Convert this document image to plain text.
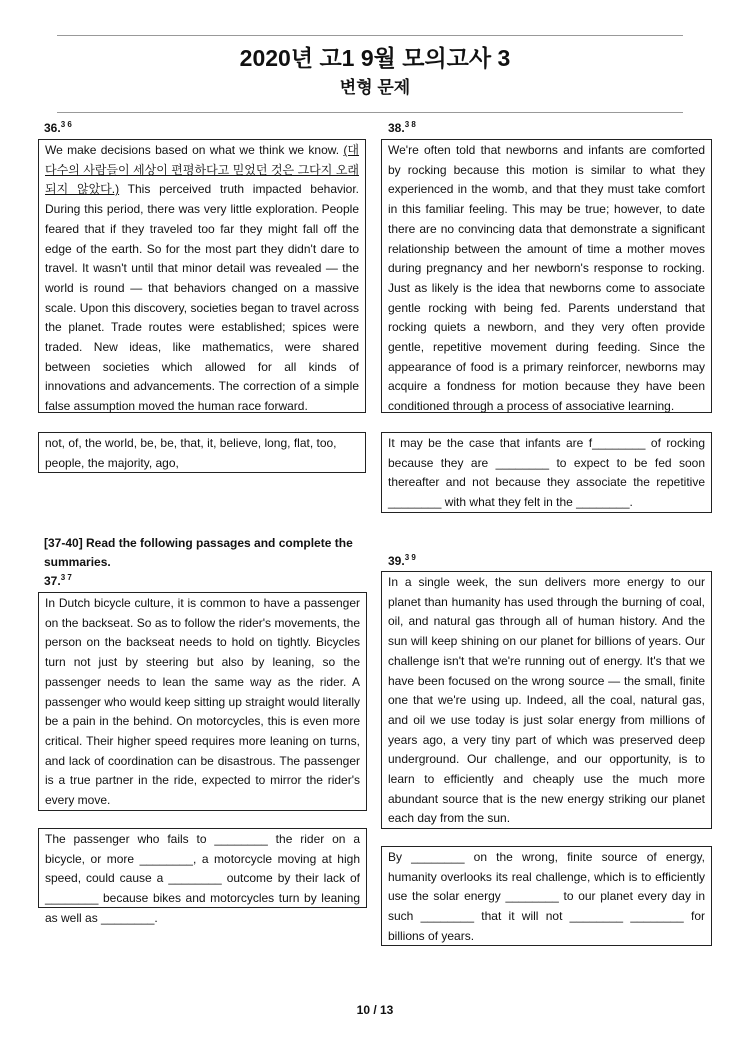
2020년 고1 9월 모의고사 3
변형 문제
36.$^{3 6}$
We make decisions based on what we think we know. (대다수의 사람들이 세상이 편평하다고 믿었던 것은 그다지 오래되지 않았다.) This perceived truth impacted behavior. During this period, there was very little exploration. People feared that if they traveled too far they might fall off the edge of the earth. So for the most part they didn't dare to travel. It wasn't until that minor detail was revealed — the world is round — that behaviors changed on a massive scale. Upon this discovery, societies began to travel across the planet. Trade routes were established; spices were traded. New ideas, like mathematics, were shared between societies which allowed for all kinds of innovations and advancements. The correction of a simple false assumption moved the human race forward.
not, of, the world, be, be, that, it, believe, long, flat, too, people, the majority, ago,
38.$^{3 8}$
We're often told that newborns and infants are comforted by rocking because this motion is similar to what they experienced in the womb, and that they must take comfort in this familiar feeling. This may be true; however, to date there are no convincing data that demonstrate a significant relationship between the amount of time a mother moves during pregnancy and her newborn's response to rocking. Just as likely is the idea that newborns come to associate gentle rocking with being fed. Parents understand that rocking quiets a newborn, and they very often provide gentle, repetitive movement during feeding. Since the appearance of food is a primary reinforcer, newborns may acquire a fondness for motion because they have been conditioned through a process of associative learning.
It may be the case that infants are f________ of rocking because they are ________ to expect to be fed soon thereafter and not because they associate the repetitive ________ with what they felt in the ________.
[37-40] Read the following passages and complete the summaries.
37.$^{3 7}$
In Dutch bicycle culture, it is common to have a passenger on the backseat. So as to follow the rider's movements, the person on the backseat needs to hold on tightly. Bicycles turn not just by steering but also by leaning, so the passenger needs to lean the same way as the rider. A passenger who would keep sitting up straight would literally be a pain in the behind. On motorcycles, this is even more critical. Their higher speed requires more leaning on turns, and lack of coordination can be disastrous. The passenger is a true partner in the ride, expected to mirror the rider's every move.
The passenger who fails to ________ the rider on a bicycle, or more ________, a motorcycle moving at high speed, could cause a ________ outcome by their lack of ________ because bikes and motorcycles turn by leaning as well as ________.
39.$^{3 9}$
In a single week, the sun delivers more energy to our planet than humanity has used through the burning of coal, oil, and natural gas through all of human history. And the sun will keep shining on our planet for billions of years. Our challenge isn't that we're running out of energy. It's that we have been focused on the wrong source — the small, finite one that we're using up. Indeed, all the coal, natural gas, and oil we use today is just solar energy from millions of years ago, a very tiny part of which was preserved deep underground. Our challenge, and our opportunity, is to learn to efficiently and cheaply use the much more abundant source that is the new energy striking our planet each day from the sun.
By ________ on the wrong, finite source of energy, humanity overlooks its real challenge, which is to efficiently use the solar energy ________ to our planet every day in such ________ that it will not ________ ________ for billions of years.
10 / 13
